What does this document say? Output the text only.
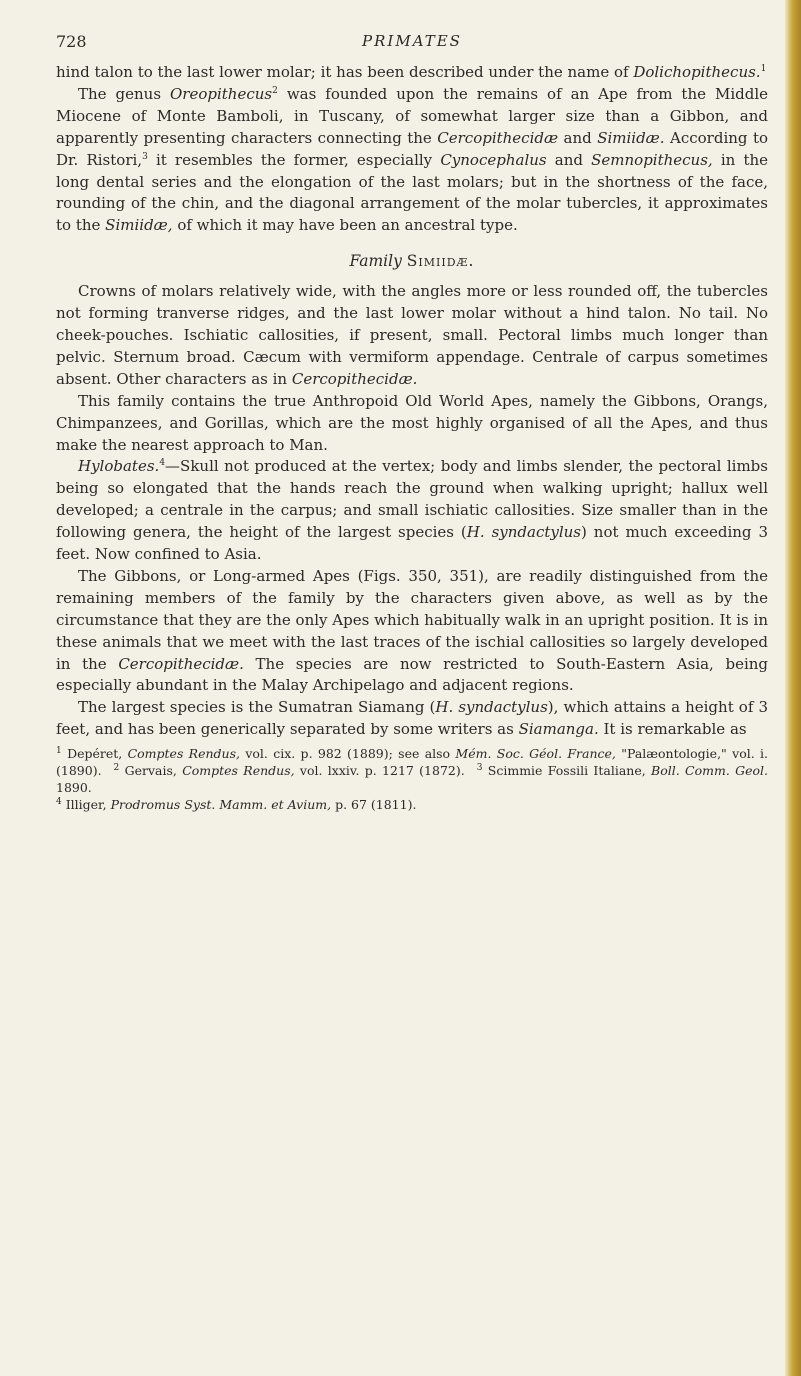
728	PRIMATES

hind talon to the last lower molar; it has been described under the name of Dolichopithecus.$^1$

The genus Oreopithecus$^2$ was founded upon the remains of an Ape from the Middle Miocene of Monte Bamboli, in Tuscany, of somewhat larger size than a Gibbon, and apparently presenting characters connecting the Cercopithecidæ and Simiidæ. According to Dr. Ristori,$^3$ it resembles the former, especially Cynocephalus and Semnopithecus, in the long dental series and the elongation of the last molars; but in the shortness of the face, rounding of the chin, and the diagonal arrangement of the molar tubercles, it approximates to the Simiidæ, of which it may have been an ancestral type.

Family Simiidæ.

Crowns of molars relatively wide, with the angles more or less rounded off, the tubercles not forming tranverse ridges, and the last lower molar without a hind talon. No tail. No cheek-pouches. Ischiatic callosities, if present, small. Pectoral limbs much longer than pelvic. Sternum broad. Cæcum with vermiform appendage. Centrale of carpus sometimes absent. Other characters as in Cercopithecidæ.

This family contains the true Anthropoid Old World Apes, namely the Gibbons, Orangs, Chimpanzees, and Gorillas, which are the most highly organised of all the Apes, and thus make the nearest approach to Man.

Hylobates.$^4$—Skull not produced at the vertex; body and limbs slender, the pectoral limbs being so elongated that the hands reach the ground when walking upright; hallux well developed; a centrale in the carpus; and small ischiatic callosities. Size smaller than in the following genera, the height of the largest species (H. syndactylus) not much exceeding 3 feet. Now confined to Asia.

The Gibbons, or Long-armed Apes (Figs. 350, 351), are readily distinguished from the remaining members of the family by the characters given above, as well as by the circumstance that they are the only Apes which habitually walk in an upright position. It is in these animals that we meet with the last traces of the ischial callosities so largely developed in the Cercopithecidæ. The species are now restricted to South-Eastern Asia, being especially abundant in the Malay Archipelago and adjacent regions.

The largest species is the Sumatran Siamang (H. syndactylus), which attains a height of 3 feet, and has been generically separated by some writers as Siamanga. It is remarkable as

$^1$ Depéret, Comptes Rendus, vol. cix. p. 982 (1889); see also Mém. Soc. Géol. France, "Palæontologie," vol. i. (1890). $^2$ Gervais, Comptes Rendus, vol. lxxiv. p. 1217 (1872). $^3$ Scimmie Fossili Italiane, Boll. Comm. Geol. 1890.

$^4$ Illiger, Prodromus Syst. Mamm. et Avium, p. 67 (1811).
